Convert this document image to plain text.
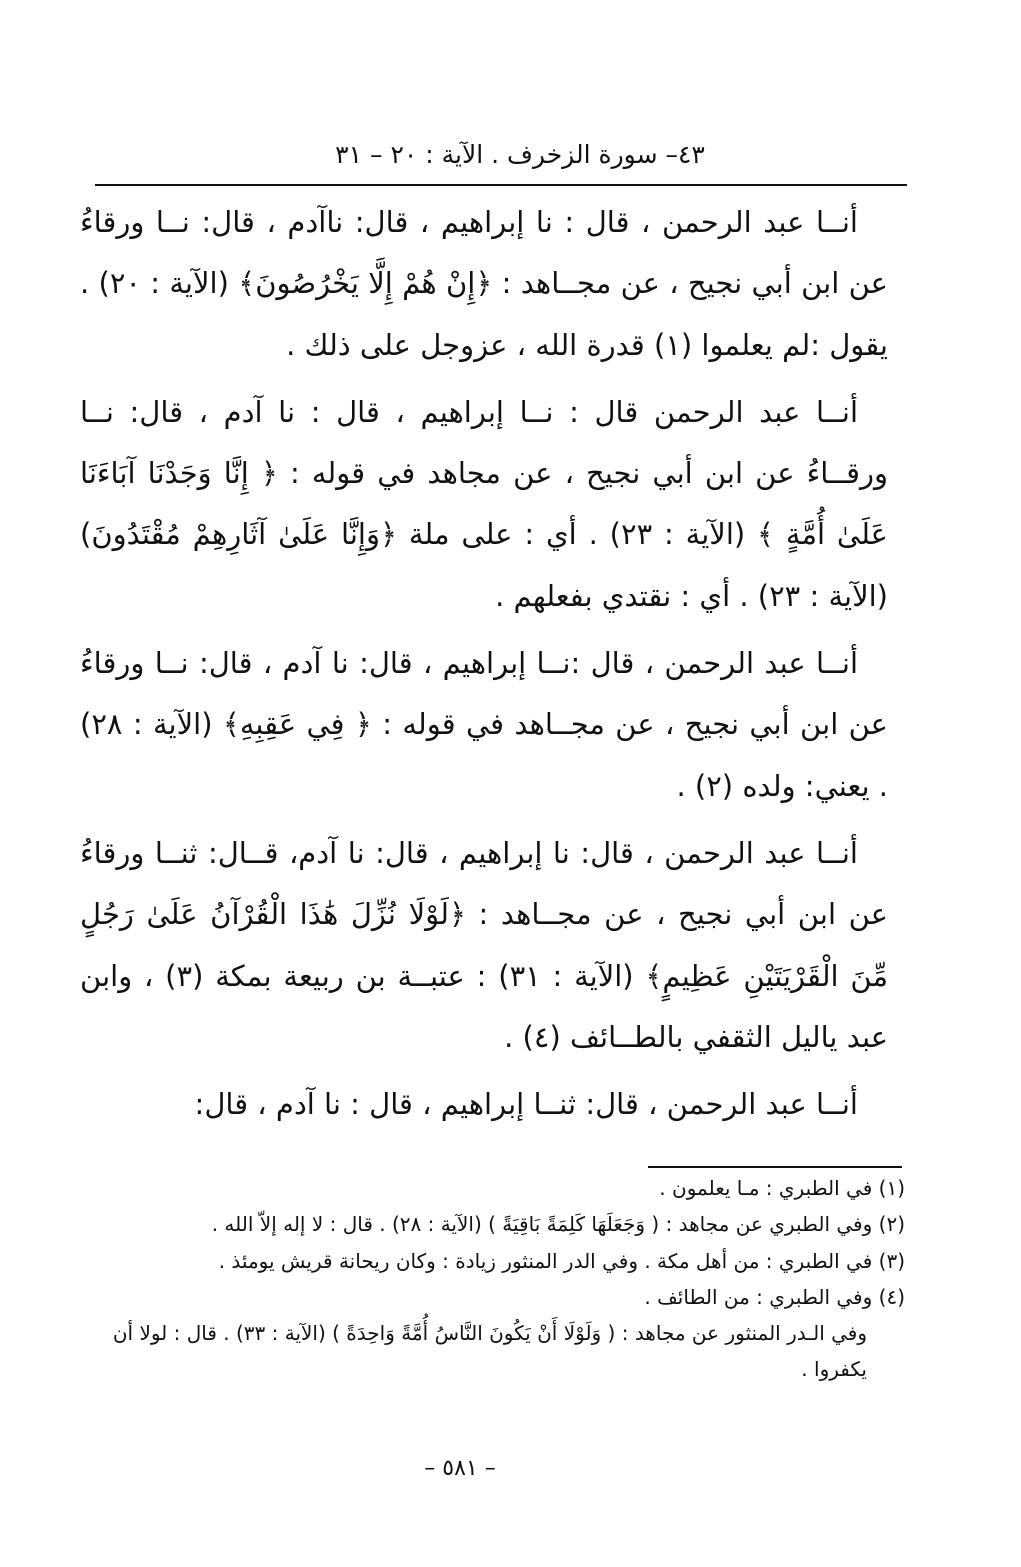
٤٣– سورة الزخرف . الآية : ٢٠ – ٣١

أنــا عبد الرحمن ، قال : نا إبراهيم ، قال: ناآدم ، قال: نــا ورقاءُ عن ابن أبي نجيح ، عن مجــاهد : ﴿إِنْ هُمْ إِلَّا يَخْرُصُونَ﴾ (الآية : ٢٠) . يقول :لم يعلموا (١) قدرة الله ، عزوجل على ذلك .

أنــا عبد الرحمن قال : نــا إبراهيم ، قال : نا آدم ، قال: نــا ورقــاءُ عن ابن أبي نجيح ، عن مجاهد في قوله : ﴿ إِنَّا وَجَدْنَا آبَاءَنَا عَلَىٰ أُمَّةٍ ﴾ (الآية : ٢٣) . أي : على ملة ﴿وَإِنَّا عَلَىٰ آثَارِهِمْ مُقْتَدُونَ) (الآية : ٢٣) . أي : نقتدي بفعلهم .

أنــا عبد الرحمن ، قال :نــا إبراهيم ، قال: نا آدم ، قال: نــا ورقاءُ عن ابن أبي نجيح ، عن مجــاهد في قوله : ﴿ فِي عَقِبِهِ﴾ (الآية : ٢٨) . يعني: ولده (٢) .

أنــا عبد الرحمن ، قال: نا إبراهيم ، قال: نا آدم، قــال: ثنــا ورقاءُ عن ابن أبي نجيح ، عن مجــاهد : ﴿لَوْلَا نُزِّلَ هَٰذَا الْقُرْآنُ عَلَىٰ رَجُلٍ مِّنَ الْقَرْيَتَيْنِ عَظِيمٍ﴾ (الآية : ٣١) : عتبــة بن ربيعة بمكة (٣) ، وابن عبد ياليل الثقفي بالطــائف (٤) .

أنــا عبد الرحمن ، قال: ثنــا إبراهيم ، قال : نا آدم ، قال:

(١) في الطبري : مـا يعلمون .

(٢) وفي الطبري عن مجاهد : ( وَجَعَلَهَا كَلِمَةً بَاقِيَةً ) (الآية : ٢٨) . قال : لا إله إلاّ الله .

(٣) في الطبري : من أهل مكة . وفي الدر المنثور زيادة : وكان ريحانة قريش يومئذ .

(٤) وفي الطبري : من الطائف .

وفي الـدر المنثور عن مجاهد : ( وَلَوْلَا أَنْ يَكُونَ النَّاسُ أُمَّةً وَاحِدَةً ) (الآية : ٣٣) . قال : لولا أن يكفروا .

– ٥٨١ –
